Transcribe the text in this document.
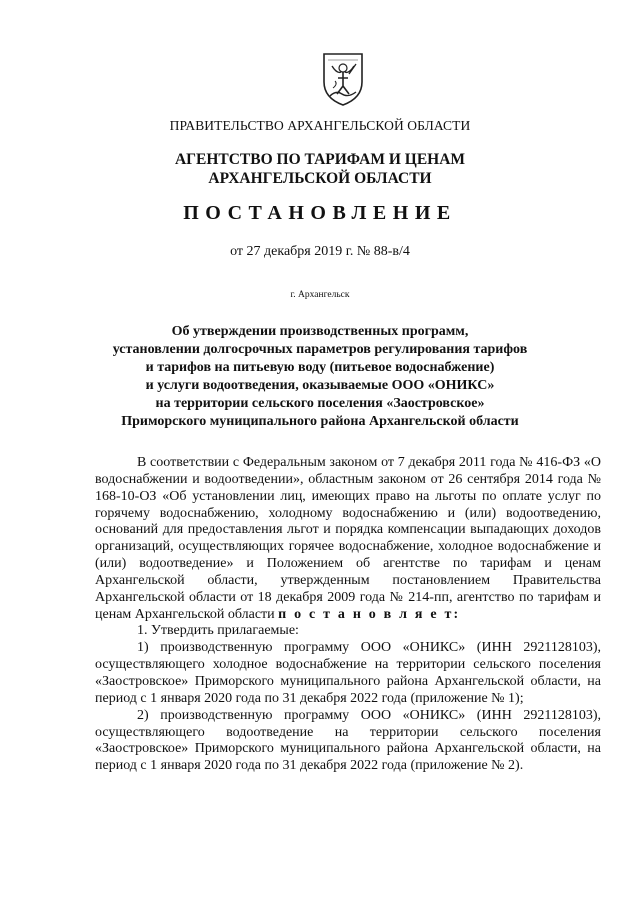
ПРАВИТЕЛЬСТВО АРХАНГЕЛЬСКОЙ ОБЛАСТИ
АГЕНТСТВО ПО ТАРИФАМ И ЦЕНАМ
АРХАНГЕЛЬСКОЙ ОБЛАСТИ
ПОСТАНОВЛЕНИЕ
от 27 декабря 2019 г. № 88-в/4
г. Архангельск
Об утверждении производственных программ,
установлении долгосрочных параметров регулирования тарифов
и тарифов на питьевую воду (питьевое водоснабжение)
и услуги водоотведения, оказываемые ООО «ОНИКС»
на территории сельского поселения «Заостровское»
Приморского муниципального района Архангельской области

В соответствии с Федеральным законом от 7 декабря 2011 года № 416-ФЗ «О водоснабжении и водоотведении», областным законом от 26 сентября 2014 года № 168-10-ОЗ «Об установлении лиц, имеющих право на льготы по оплате услуг по горячему водоснабжению, холодному водоснабжению и (или) водоотведению, оснований для предоставления льгот и порядка компенсации выпадающих доходов организаций, осуществляющих горячее водоснабжение, холодное водоснабжение и (или) водоотведение» и Положением об агентстве по тарифам и ценам Архангельской области, утвержденным постановлением Правительства Архангельской области от 18 декабря 2009 года № 214-пп, агентство по тарифам и ценам Архангельской области п о с т а н о в л я е т:

1. Утвердить прилагаемые:

1) производственную программу ООО «ОНИКС» (ИНН 2921128103), осуществляющего холодное водоснабжение на территории сельского поселения «Заостровское» Приморского муниципального района Архангельской области, на период с 1 января 2020 года по 31 декабря 2022 года (приложение № 1);

2) производственную программу ООО «ОНИКС» (ИНН 2921128103), осуществляющего водоотведение на территории сельского поселения «Заостровское» Приморского муниципального района Архангельской области, на период с 1 января 2020 года по 31 декабря 2022 года (приложение № 2).
